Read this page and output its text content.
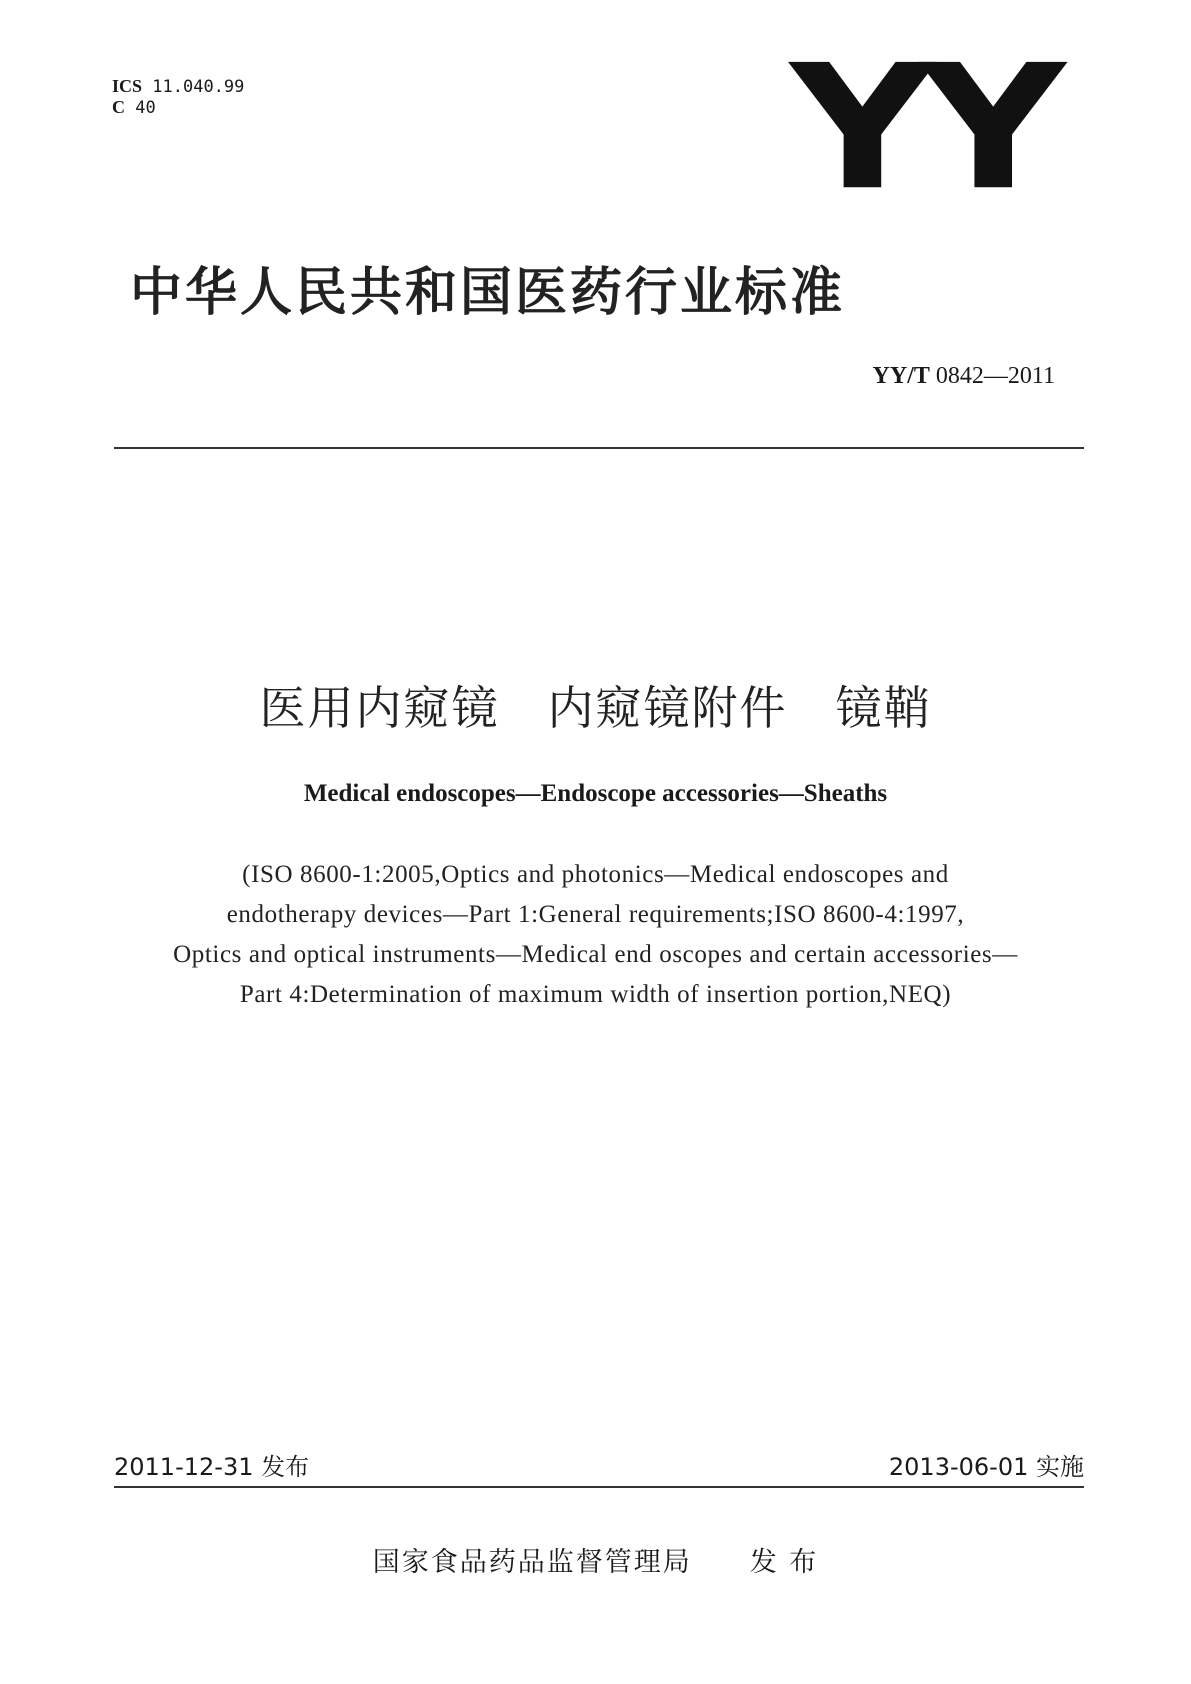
ICS 11.040.99
C 40	YY
中华人民共和国医药行业标准
YY/T 0842—2011
医用内窥镜　内窥镜附件　镜鞘
Medical endoscopes—Endoscope accessories—Sheaths
(ISO 8600-1:2005,Optics and photonics—Medical endoscopes and
endotherapy devices—Part 1:General requirements;ISO 8600-4:1997,
Optics and optical instruments—Medical end oscopes and certain accessories—
Part 4:Determination of maximum width of insertion portion,NEQ)
2011-12-31 发布	2013-06-01 实施
国家食品药品监督管理局　　发 布
